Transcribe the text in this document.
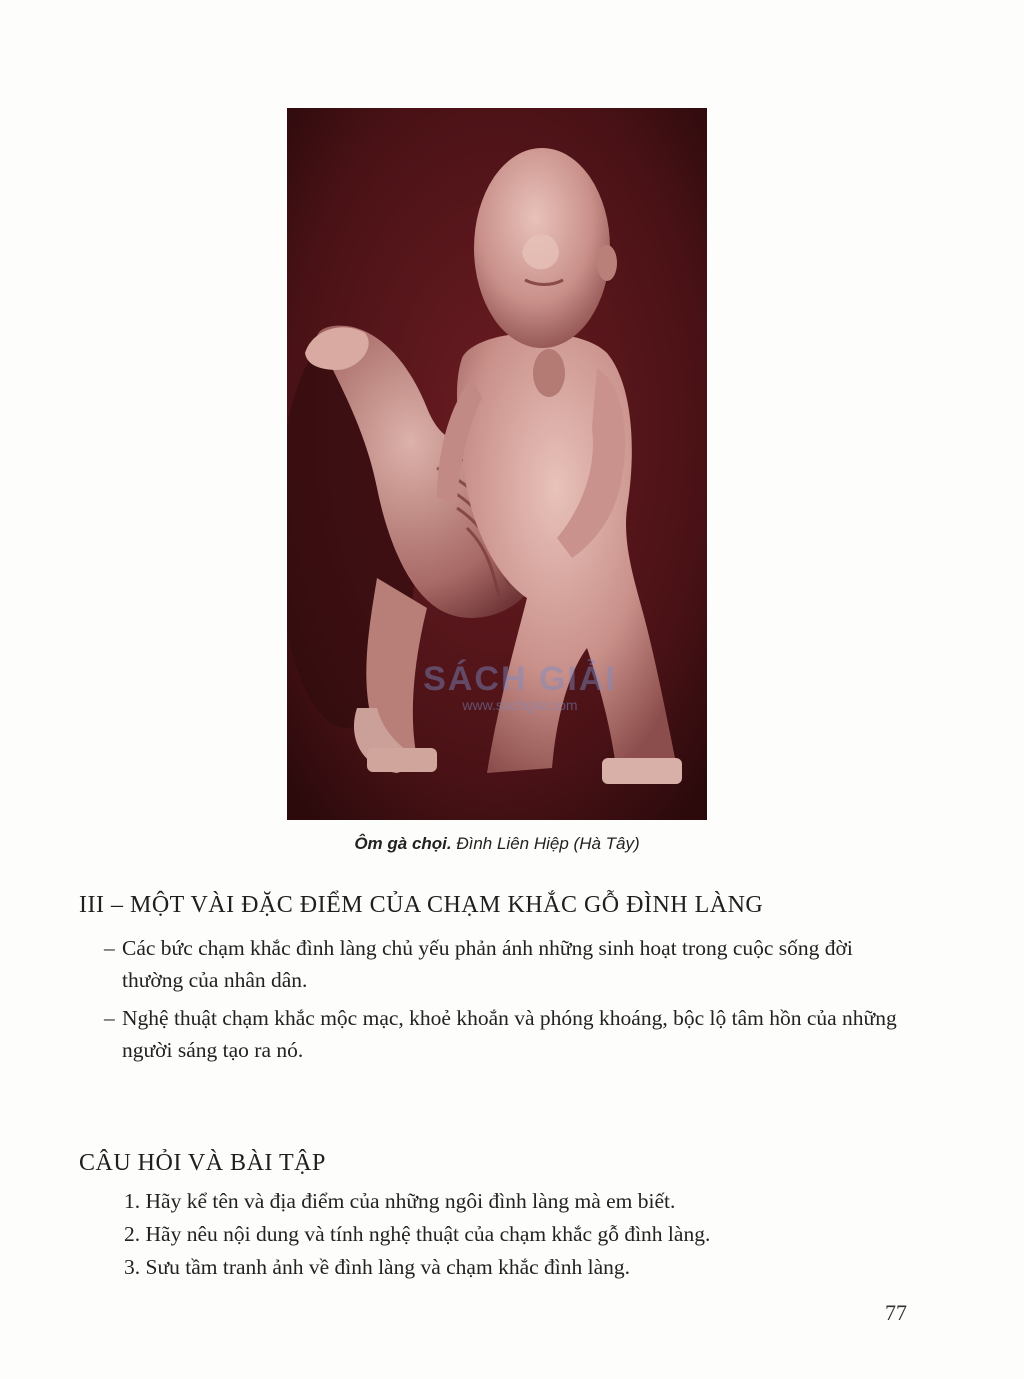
SÁCH GIẢI
www.sachgiai.com
Ôm gà chọi. Đình Liên Hiệp (Hà Tây)
III – MỘT VÀI ĐẶC ĐIỂM CỦA CHẠM KHẮC GỖ ĐÌNH LÀNG
– Các bức chạm khắc đình làng chủ yếu phản ánh những sinh hoạt trong cuộc sống đời thường của nhân dân.
– Nghệ thuật chạm khắc mộc mạc, khoẻ khoắn và phóng khoáng, bộc lộ tâm hồn của những người sáng tạo ra nó.
CÂU HỎI VÀ BÀI TẬP
1. Hãy kể tên và địa điểm của những ngôi đình làng mà em biết.
2. Hãy nêu nội dung và tính nghệ thuật của chạm khắc gỗ đình làng.
3. Sưu tầm tranh ảnh về đình làng và chạm khắc đình làng.
77
